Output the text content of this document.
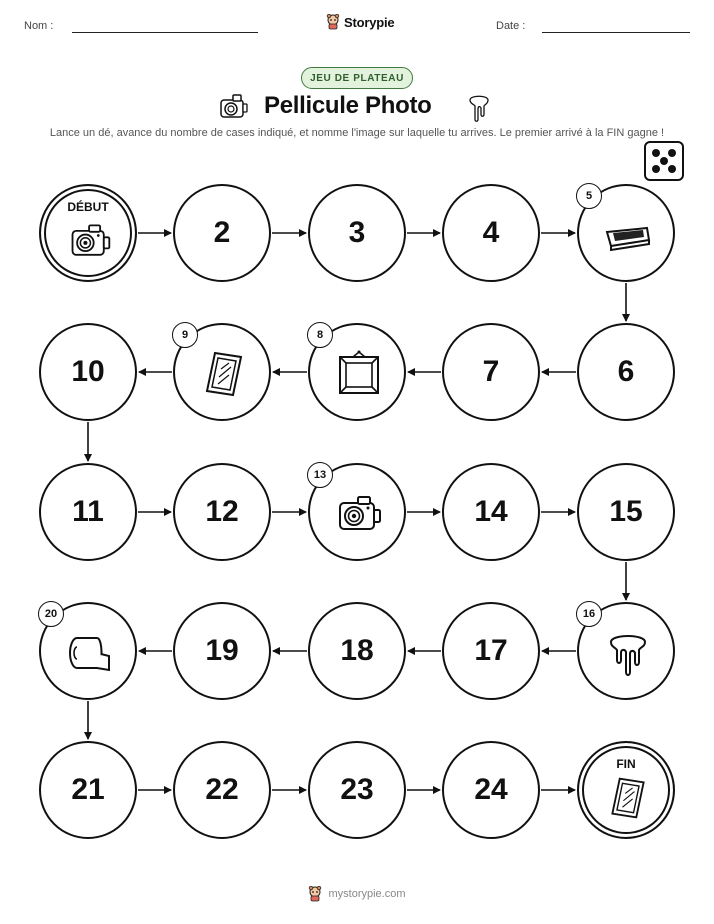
Nom :	Storypie	Date :
JEU DE PLATEAU
Pellicule Photo
Lance un dé, avance du nombre de cases indiqué, et nomme l'image sur laquelle tu arrives. Le premier arrivé à la FIN gagne !
DÉBUT
2	3	4
5
6
7
8
9
10
11	12
13
14	15
16
17
18
19
20
21	22	23	24
FIN
mystorypie.com
